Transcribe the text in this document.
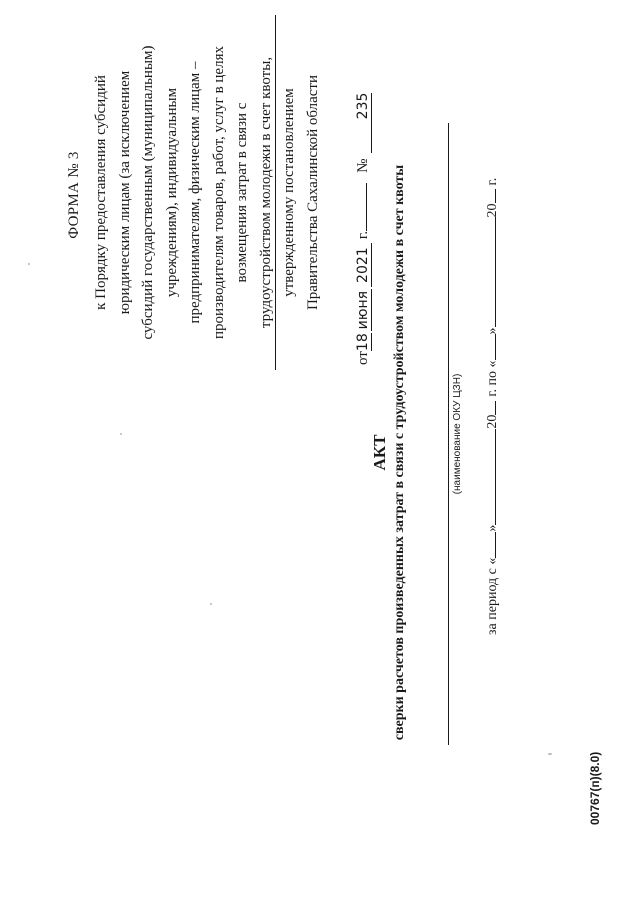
ФОРМА № 3 к Порядку предоставления субсидий юридическим лицам (за исключением субсидий государственным (муниципальным) учреждениям), индивидуальным предпринимателям, физическим лицам – производителям товаров, работ, услуг в целях возмещения затрат в связи с трудоустройством молодежи в счет квоты, утвержденному постановлением Правительства Сахалинской области
от
18
июня
2021
г.
№
235
АКТ сверки расчетов произведенных затрат в связи с трудоустройством молодежи в счет квоты	(наименование ОКУ ЦЗН)
за период с «
»
20
г. по «
»
20
г.
00767(п)(8.0)
